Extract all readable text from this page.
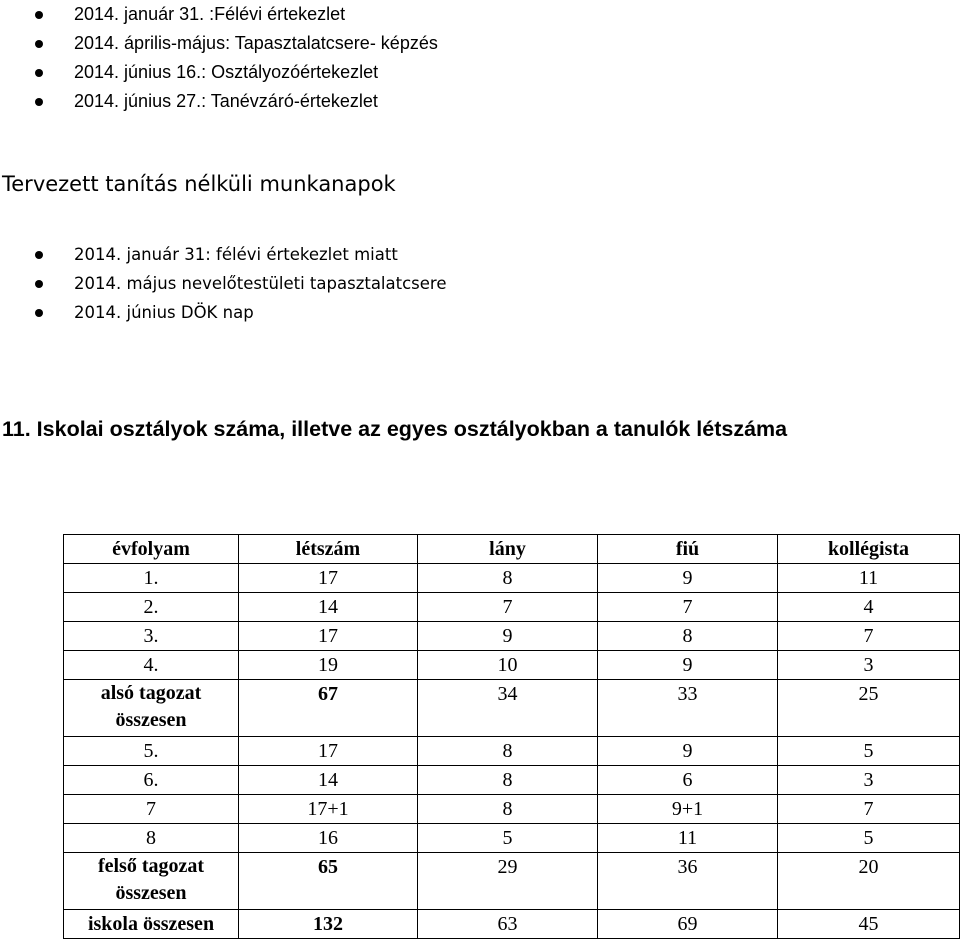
2014. január 31. :Félévi értekezlet
2014. április-május: Tapasztalatcsere- képzés
2014. június 16.: Osztályozóértekezlet
2014. június 27.: Tanévzáró-értekezlet
Tervezett tanítás nélküli munkanapok
2014. január 31: félévi értekezlet miatt
2014. május nevelőtestületi tapasztalatcsere
2014. június DÖK nap
11. Iskolai osztályok száma, illetve az egyes osztályokban a tanulók létszáma
évfolyam	létszám	lány	fiú	kollégista
1.	17	8	9	11
2.	14	7	7	4
3.	17	9	8	7
4.	19	10	9	3
alsó tagozat összesen	67	34	33	25
5.	17	8	9	5
6.	14	8	6	3
7	17+1	8	9+1	7
8	16	5	11	5
felső tagozat összesen	65	29	36	20
iskola összesen	132	63	69	45
